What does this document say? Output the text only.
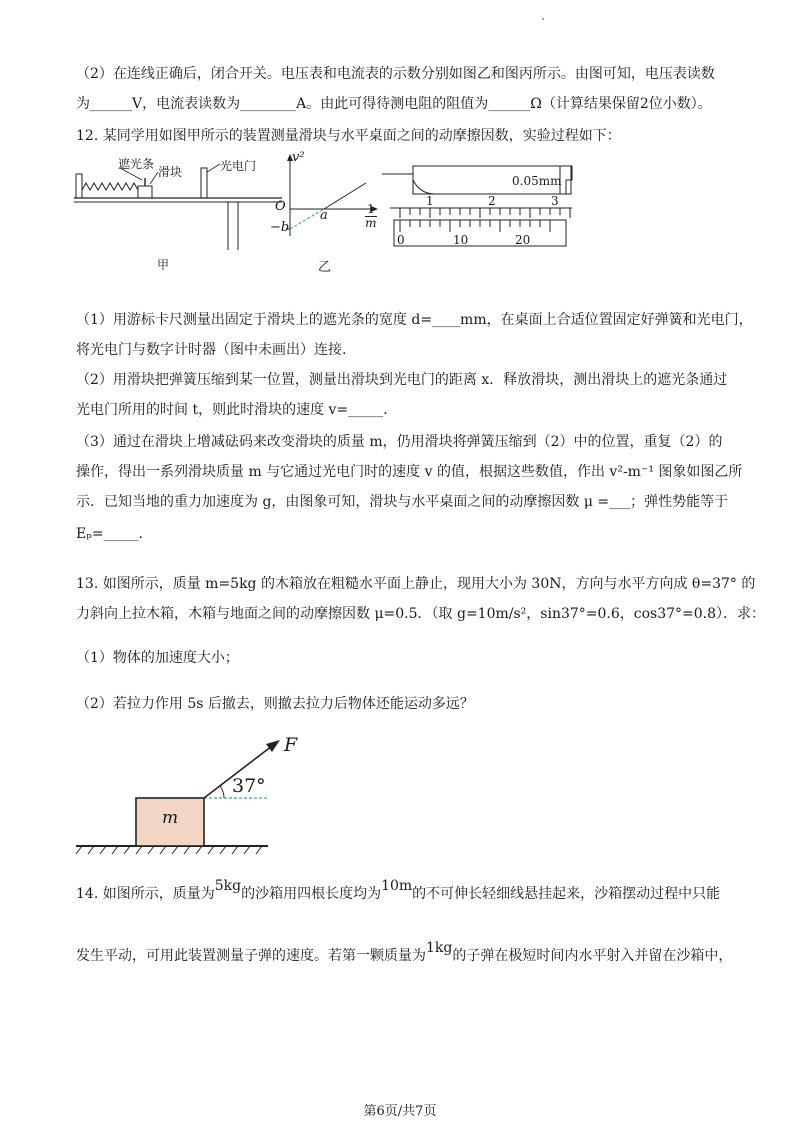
（2）在连线正确后，闭合开关。电压表和电流表的示数分别如图乙和图丙所示。由图可知，电压表读数
为______V，电流表读数为________A。由此可得待测电阻的阻值为______Ω（计算结果保留2位小数）。
12. 某同学用如图甲所示的装置测量滑块与水平桌面之间的动摩擦因数，实验过程如下：
遮光条
滑块	光电门
甲
v²
O
−b
a	$\frac{1}{m}$
乙
0.05mm
1	2	3
0	10	20
（1）用游标卡尺测量出固定于滑块上的遮光条的宽度 d=____mm，在桌面上合适位置固定好弹簧和光电门，
将光电门与数字计时器（图中未画出）连接.
（2）用滑块把弹簧压缩到某一位置，测量出滑块到光电门的距离 x．释放滑块，测出滑块上的遮光条通过
光电门所用的时间 t，则此时滑块的速度 v=_____.
（3）通过在滑块上增减砝码来改变滑块的质量 m，仍用滑块将弹簧压缩到（2）中的位置，重复（2）的
操作，得出一系列滑块质量 m 与它通过光电门时的速度 v 的值，根据这些数值，作出 v²-m⁻¹ 图象如图乙所
示．已知当地的重力加速度为 g，由图象可知，滑块与水平桌面之间的动摩擦因数 μ =___；弹性势能等于
Eₚ=_____.
13. 如图所示，质量 m=5kg 的木箱放在粗糙水平面上静止，现用大小为 30N，方向与水平方向成 θ=37° 的
力斜向上拉木箱，木箱与地面之间的动摩擦因数 μ=0.5．（取 g=10m/s²，sin37°=0.6，cos37°=0.8）．求：
（1）物体的加速度大小；
（2）若拉力作用 5s 后撤去，则撤去拉力后物体还能运动多远？
F
37°
m
14. 如图所示，质量为5kg的沙箱用四根长度均为10m的不可伸长轻细线悬挂起来，沙箱摆动过程中只能
发生平动，可用此装置测量子弹的速度。若第一颗质量为1kg的子弹在极短时间内水平射入并留在沙箱中，
第6页/共7页
